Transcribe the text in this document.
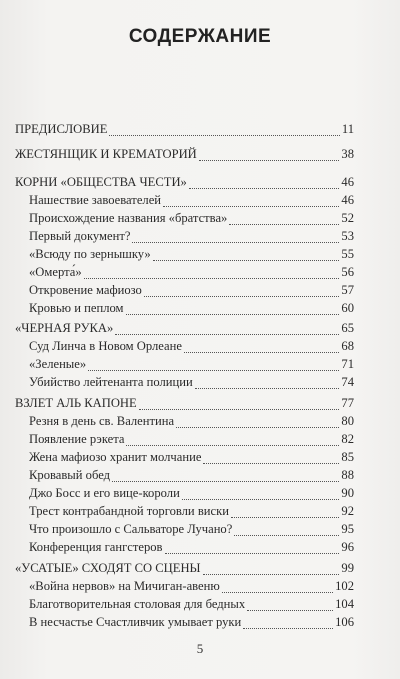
СОДЕРЖАНИЕ
ПРЕДИСЛОВИЕ	11
ЖЕСТЯНЩИК И КРЕМАТОРИЙ	38
КОРНИ «ОБЩЕСТВА ЧЕСТИ»	46
Нашествие завоевателей	46
Происхождение названия «братства»	52
Первый документ?	53
«Всюду по зернышку»	55
«Омерта́»	56
Откровение мафиозо	57
Кровью и пеплом	60
«ЧЕРНАЯ РУКА»	65
Суд Линча в Новом Орлеане	68
«Зеленые»	71
Убийство лейтенанта полиции	74
ВЗЛЕТ АЛЬ КАПОНЕ	77
Резня в день св. Валентина	80
Появление рэкета	82
Жена мафиозо хранит молчание	85
Кровавый обед	88
Джо Босс и его вице-короли	90
Трест контрабандной торговли виски	92
Что произошло с Сальваторе Лучано?	95
Конференция гангстеров	96
«УСАТЫЕ» СХОДЯТ СО СЦЕНЫ	99
«Война нервов» на Мичиган-авеню	102
Благотворительная столовая для бедных	104
В несчастье Счастливчик умывает руки	106
5
